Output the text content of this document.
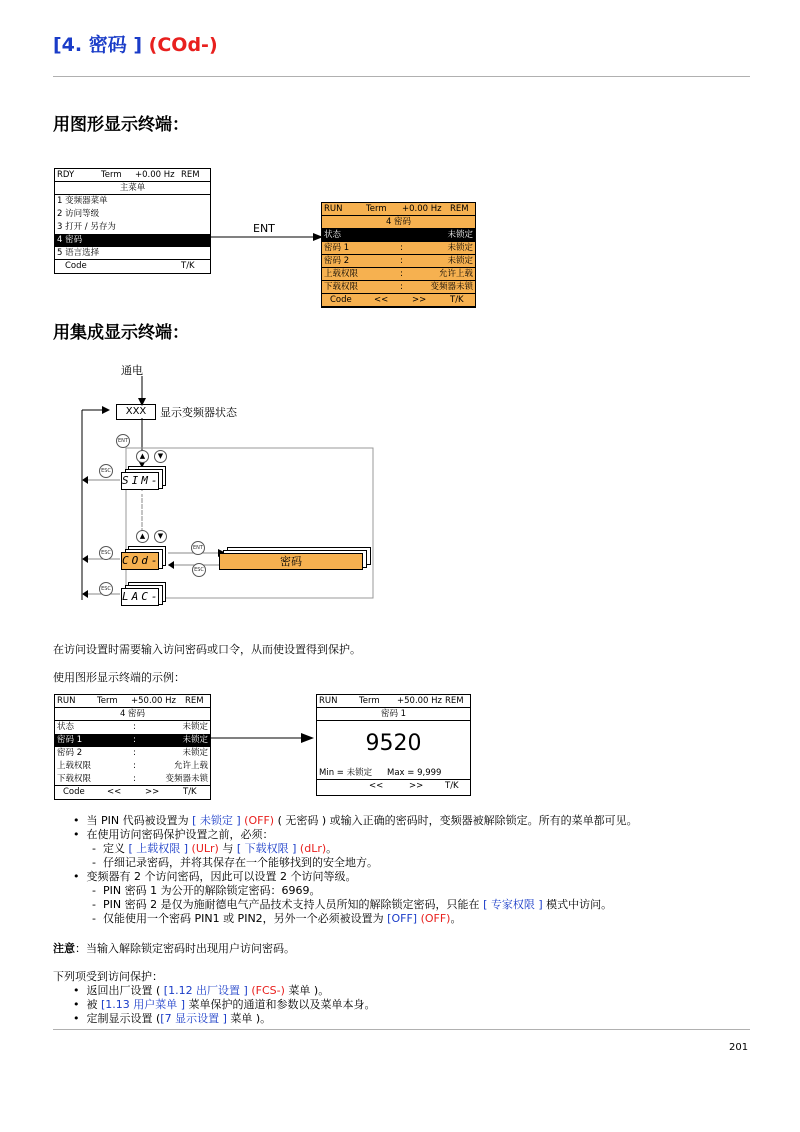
[4. 密码 ] (COd-)
用图形显示终端：
RDY	Term +0.00 Hz REM
主菜单
1 变频器菜单
2 访问等级
3 打开 / 另存为
4 密码
5 语言选择
Code	T/K
ENT
RUN	Term +0.00 Hz REM
4 密码
状态	未锁定
密码 1	:	未锁定
密码 2	:	未锁定
上载权限	:	允许上载
下载权限	:	变频器未锁
Code	<<	>>	T/K
用集成显示终端：
通电
XXX	显示变频器状态
ENT
▲	▼
ESC
SIM-
▲	▼
ESC
ENT
ESC
COd-	密码
ESC
LAC-
在访问设置时需要输入访问密码或口令，从而使设置得到保护。
使用图形显示终端的示例：
RUN	Term +50.00 Hz REM
4 密码
状态	:	未锁定
密码 1	:	未锁定
密码 2	:	未锁定
上载权限	:	允许上载
下载权限	:	变频器未锁
Code	<<	>>	T/K
RUN	Term +50.00 Hz REM
密码 1
9520
Min = 未锁定 Max = 9,999
<<	>>	T/K
•  当 PIN 代码被设置为 [ 未锁定 ] (OFF) ( 无密码 ) 或输入正确的密码时，变频器被解除锁定。所有的菜单都可见。
•  在使用访问密码保护设置之前，必须：
-  定义 [ 上载权限 ] (ULr) 与 [ 下载权限 ] (dLr)。
-  仔细记录密码，并将其保存在一个能够找到的安全地方。
•  变频器有 2 个访问密码，因此可以设置 2 个访问等级。
-  PIN 密码 1 为公开的解除锁定密码：6969。
-  PIN 密码 2 是仅为施耐德电气产品技术支持人员所知的解除锁定密码，只能在 [ 专家权限 ] 模式中访问。
-  仅能使用一个密码 PIN1 或 PIN2，另外一个必须被设置为 [OFF] (OFF)。
注意：当输入解除锁定密码时出现用户访问密码。
下列项受到访问保护：
•  返回出厂设置 ( [1.12 出厂设置 ] (FCS-) 菜单 )。
•  被 [1.13 用户菜单 ] 菜单保护的通道和参数以及菜单本身。
•  定制显示设置 ([7 显示设置 ] 菜单 )。
201
